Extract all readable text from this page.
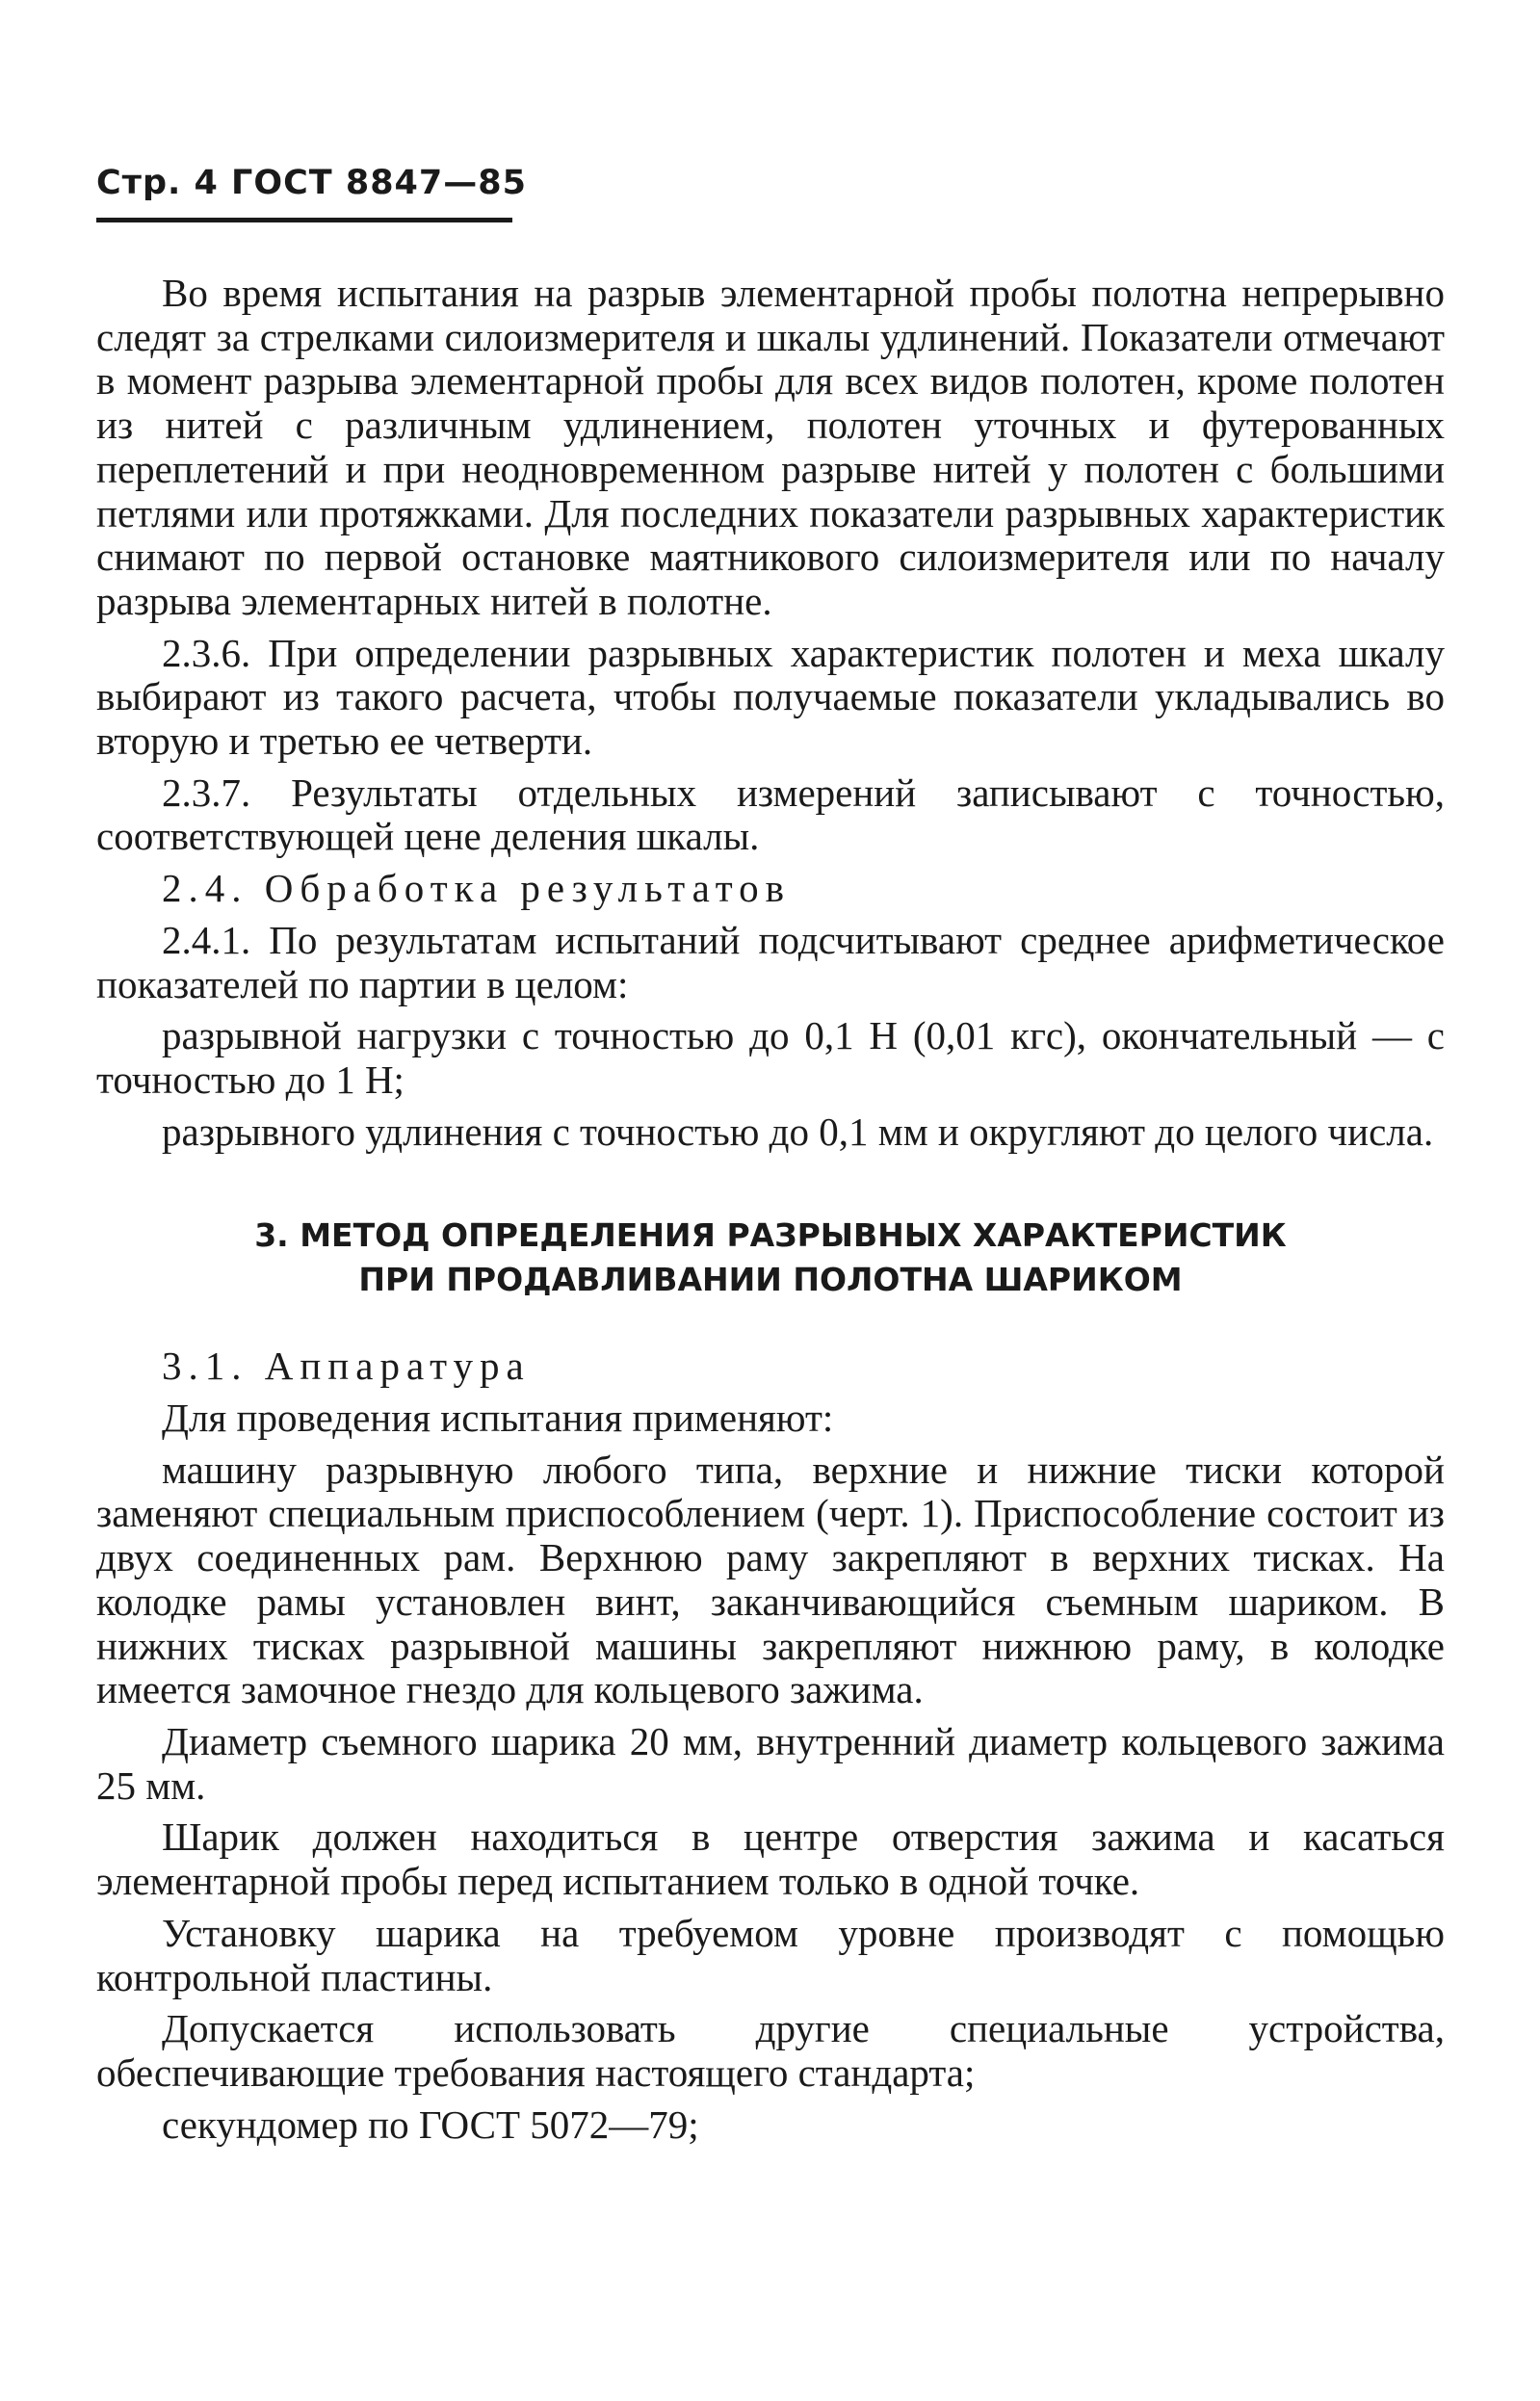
Стр. 4 ГОСТ 8847—85

Во время испытания на разрыв элементарной пробы полотна непрерывно следят за стрелками силоизмерителя и шкалы удлинений. Показатели отмечают в момент разрыва элементарной пробы для всех видов полотен, кроме полотен из нитей с различным удлинением, полотен уточных и футерованных переплетений и при неодновременном разрыве нитей у полотен с большими петлями или протяжками. Для последних показатели разрывных характеристик снимают по первой остановке маятникового силоизмерителя или по началу разрыва элементарных нитей в полотне.

2.3.6. При определении разрывных характеристик полотен и меха шкалу выбирают из такого расчета, чтобы получаемые показатели укладывались во вторую и третью ее четверти.

2.3.7. Результаты отдельных измерений записывают с точностью, соответствующей цене деления шкалы.

2.4. Обработка результатов

2.4.1. По результатам испытаний подсчитывают среднее арифметическое показателей по партии в целом:

разрывной нагрузки с точностью до 0,1 Н (0,01 кгс), окончательный — с точностью до 1 Н;

разрывного удлинения с точностью до 0,1 мм и округляют до целого числа.

3. МЕТОД ОПРЕДЕЛЕНИЯ РАЗРЫВНЫХ ХАРАКТЕРИСТИК
ПРИ ПРОДАВЛИВАНИИ ПОЛОТНА ШАРИКОМ

3.1. Аппаратура

Для проведения испытания применяют:

машину разрывную любого типа, верхние и нижние тиски которой заменяют специальным приспособлением (черт. 1). Приспособление состоит из двух соединенных рам. Верхнюю раму закрепляют в верхних тисках. На колодке рамы установлен винт, заканчивающийся съемным шариком. В нижних тисках разрывной машины закрепляют нижнюю раму, в колодке имеется замочное гнездо для кольцевого зажима.

Диаметр съемного шарика 20 мм, внутренний диаметр кольцевого зажима 25 мм.

Шарик должен находиться в центре отверстия зажима и касаться элементарной пробы перед испытанием только в одной точке.

Установку шарика на требуемом уровне производят с помощью контрольной пластины.

Допускается использовать другие специальные устройства, обеспечивающие требования настоящего стандарта;

секундомер по ГОСТ 5072—79;
